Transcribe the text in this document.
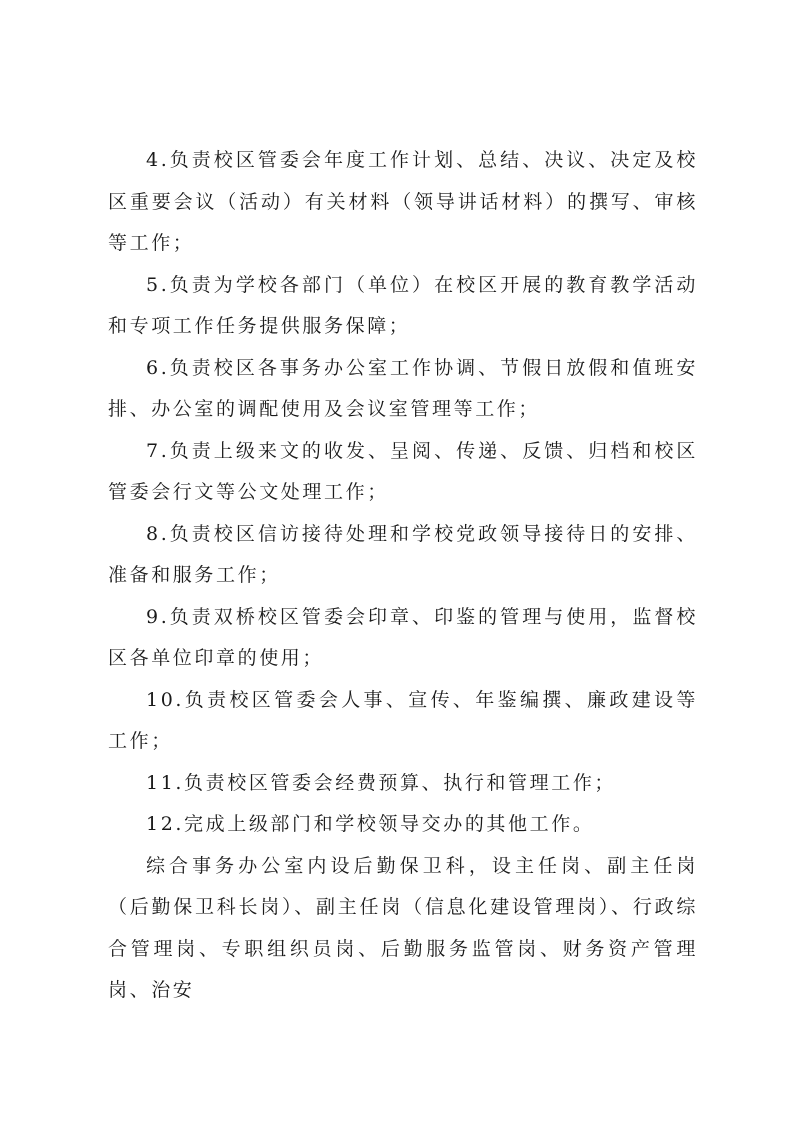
4.负责校区管委会年度工作计划、总结、决议、决定及校区重要会议（活动）有关材料（领导讲话材料）的撰写、审核等工作；

5.负责为学校各部门（单位）在校区开展的教育教学活动和专项工作任务提供服务保障；

6.负责校区各事务办公室工作协调、节假日放假和值班安排、办公室的调配使用及会议室管理等工作；

7.负责上级来文的收发、呈阅、传递、反馈、归档和校区管委会行文等公文处理工作；

8.负责校区信访接待处理和学校党政领导接待日的安排、准备和服务工作；

9.负责双桥校区管委会印章、印鉴的管理与使用，监督校区各单位印章的使用；

10.负责校区管委会人事、宣传、年鉴编撰、廉政建设等工作；

11.负责校区管委会经费预算、执行和管理工作；

12.完成上级部门和学校领导交办的其他工作。

综合事务办公室内设后勤保卫科，设主任岗、副主任岗（后勤保卫科长岗）、副主任岗（信息化建设管理岗）、行政综合管理岗、专职组织员岗、后勤服务监管岗、财务资产管理岗、治安
